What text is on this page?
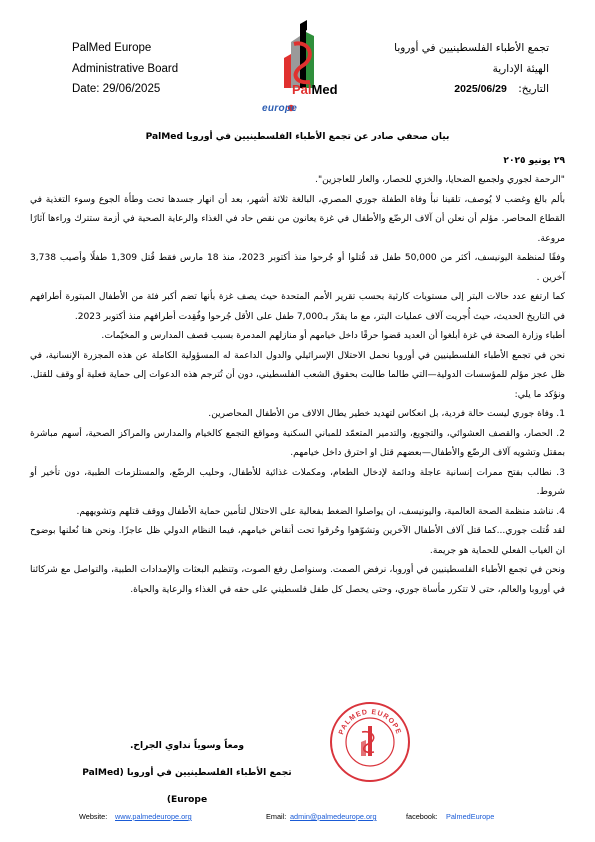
PalMed Europe
Administrative Board
Date: 29/06/2025	PalMed
europe
تجمع الأطباء الفلسطينيين في أوروبا
الهيئة الإدارية
التاريخ: 2025/06/29

بيان صحفي صادر عن تجمع الأطباء الفلسطينيين في أوروبا PalMed

٢٩ يونيو ٢٠٢٥

"الرحمة لجوري ولجميع الضحايا، والخزي للحصار، والعار للعاجزين".

بألم بالغ وغضب لا يُوصف، تلقينا نبأ وفاة الطفلة جوري المصري، البالغة ثلاثة أشهر، بعد أن انهار جسدها تحت وطأة الجوع وسوء التغذية في القطاع المحاصر. مؤلم أن نعلن أن آلاف الرضّع والأطفال في غزة يعانون من نقص حاد في الغذاء والرعاية الصحية في أزمة ستترك وراءها آثارًا مروعة.

وفقًا لمنظمة اليونيسف، أكثر من 50,000 طفل قد قُتلوا أو جُرحوا منذ أكتوبر 2023، منذ 18 مارس فقط قُتل 1,309 طفلًا وأصيب 3,738 آخرين .

كما ارتفع عدد حالات البتر إلى مستويات كارثية بحسب تقرير الأمم المتحدة حيث يصف غزة بأنها تضم أكبر فئة من الأطفال المبتورة أطرافهم في التاريخ الحديث، حيث أُجريت آلاف عمليات البتر، مع ما يقدّر بـ7,000 طفل على الأقل جُرحوا وفُقِدت أطرافهم منذ أكتوبر 2023.

أطباء وزارة الصحة في غزة أبلغوا أن العديد قضوا حرقًا داخل خيامهم أو منازلهم المدمرة بسبب قصف المدارس و المخيّمات.

نحن في تجمع الأطباء الفلسطينيين في أوروبا نحمل الاحتلال الإسرائيلي والدول الداعمة له المسؤولية الكاملة عن هذه المجزرة الإنسانية، في ظل عجز مؤلم للمؤسسات الدولية—التي طالما طالبت بحقوق الشعب الفلسطيني، دون أن تُترجم هذه الدعوات إلى حماية فعلية أو وقف للقتل. ونؤكد ما يلي:

1. وفاة جوري ليست حالة فردية، بل انعكاس لتهديد خطير يطال الالاف من الأطفال المحاصرين.

2. الحصار، والقصف العشوائي، والتجويع، والتدمير المتعمّد للمباني السكنية ومواقع التجمع كالخيام والمدارس والمراكز الصحية، أسهم مباشرة بمقتل وتشويه آلاف الرضّع والأطفال—بعضهم قتل او احترق داخل خيامهم.

3. نطالب بفتح ممرات إنسانية عاجلة ودائمة لإدخال الطعام، ومكملات غذائية للأطفال، وحليب الرضّع، والمستلزمات الطبية، دون تأخير أو شروط.

4. نناشد منظمة الصحة العالمية، واليونيسف، ان يواصلوا الضغط بفعالية على الاحتلال لتأمين حماية الأطفال ووقف قتلهم وتشويههم.

لقد قُتلت جوري...كما قتل آلاف الأطفال الآخرين وتشوّهوا وحُرقوا تحت أنقاض خيامهم، فيما النظام الدولي ظل عاجزًا. ونحن هنا نُعلنها بوضوح ان الغياب الفعلي للحماية هو جريمة.

ونحن في تجمع الأطباء الفلسطينيين في أوروبا، نرفض الصمت. وسنواصل رفع الصوت، وتنظيم البعثات والإمدادات الطبية، والتواصل مع شركائنا في أوروبا والعالم، حتى لا تتكرر مأساة جوري، وحتى يحصل كل طفل فلسطيني على حقه في الغذاء والرعاية والحياة.

PALMED EUROPE
ومعاً وسوياً نداوي الجراح.
تجمع الأطباء الفلسطينيين في أوروبا (PalMed Europe)
Website: www.palmedeurope.org	Email: admin@palmedeurope.org	facebook: PalmedEurope
